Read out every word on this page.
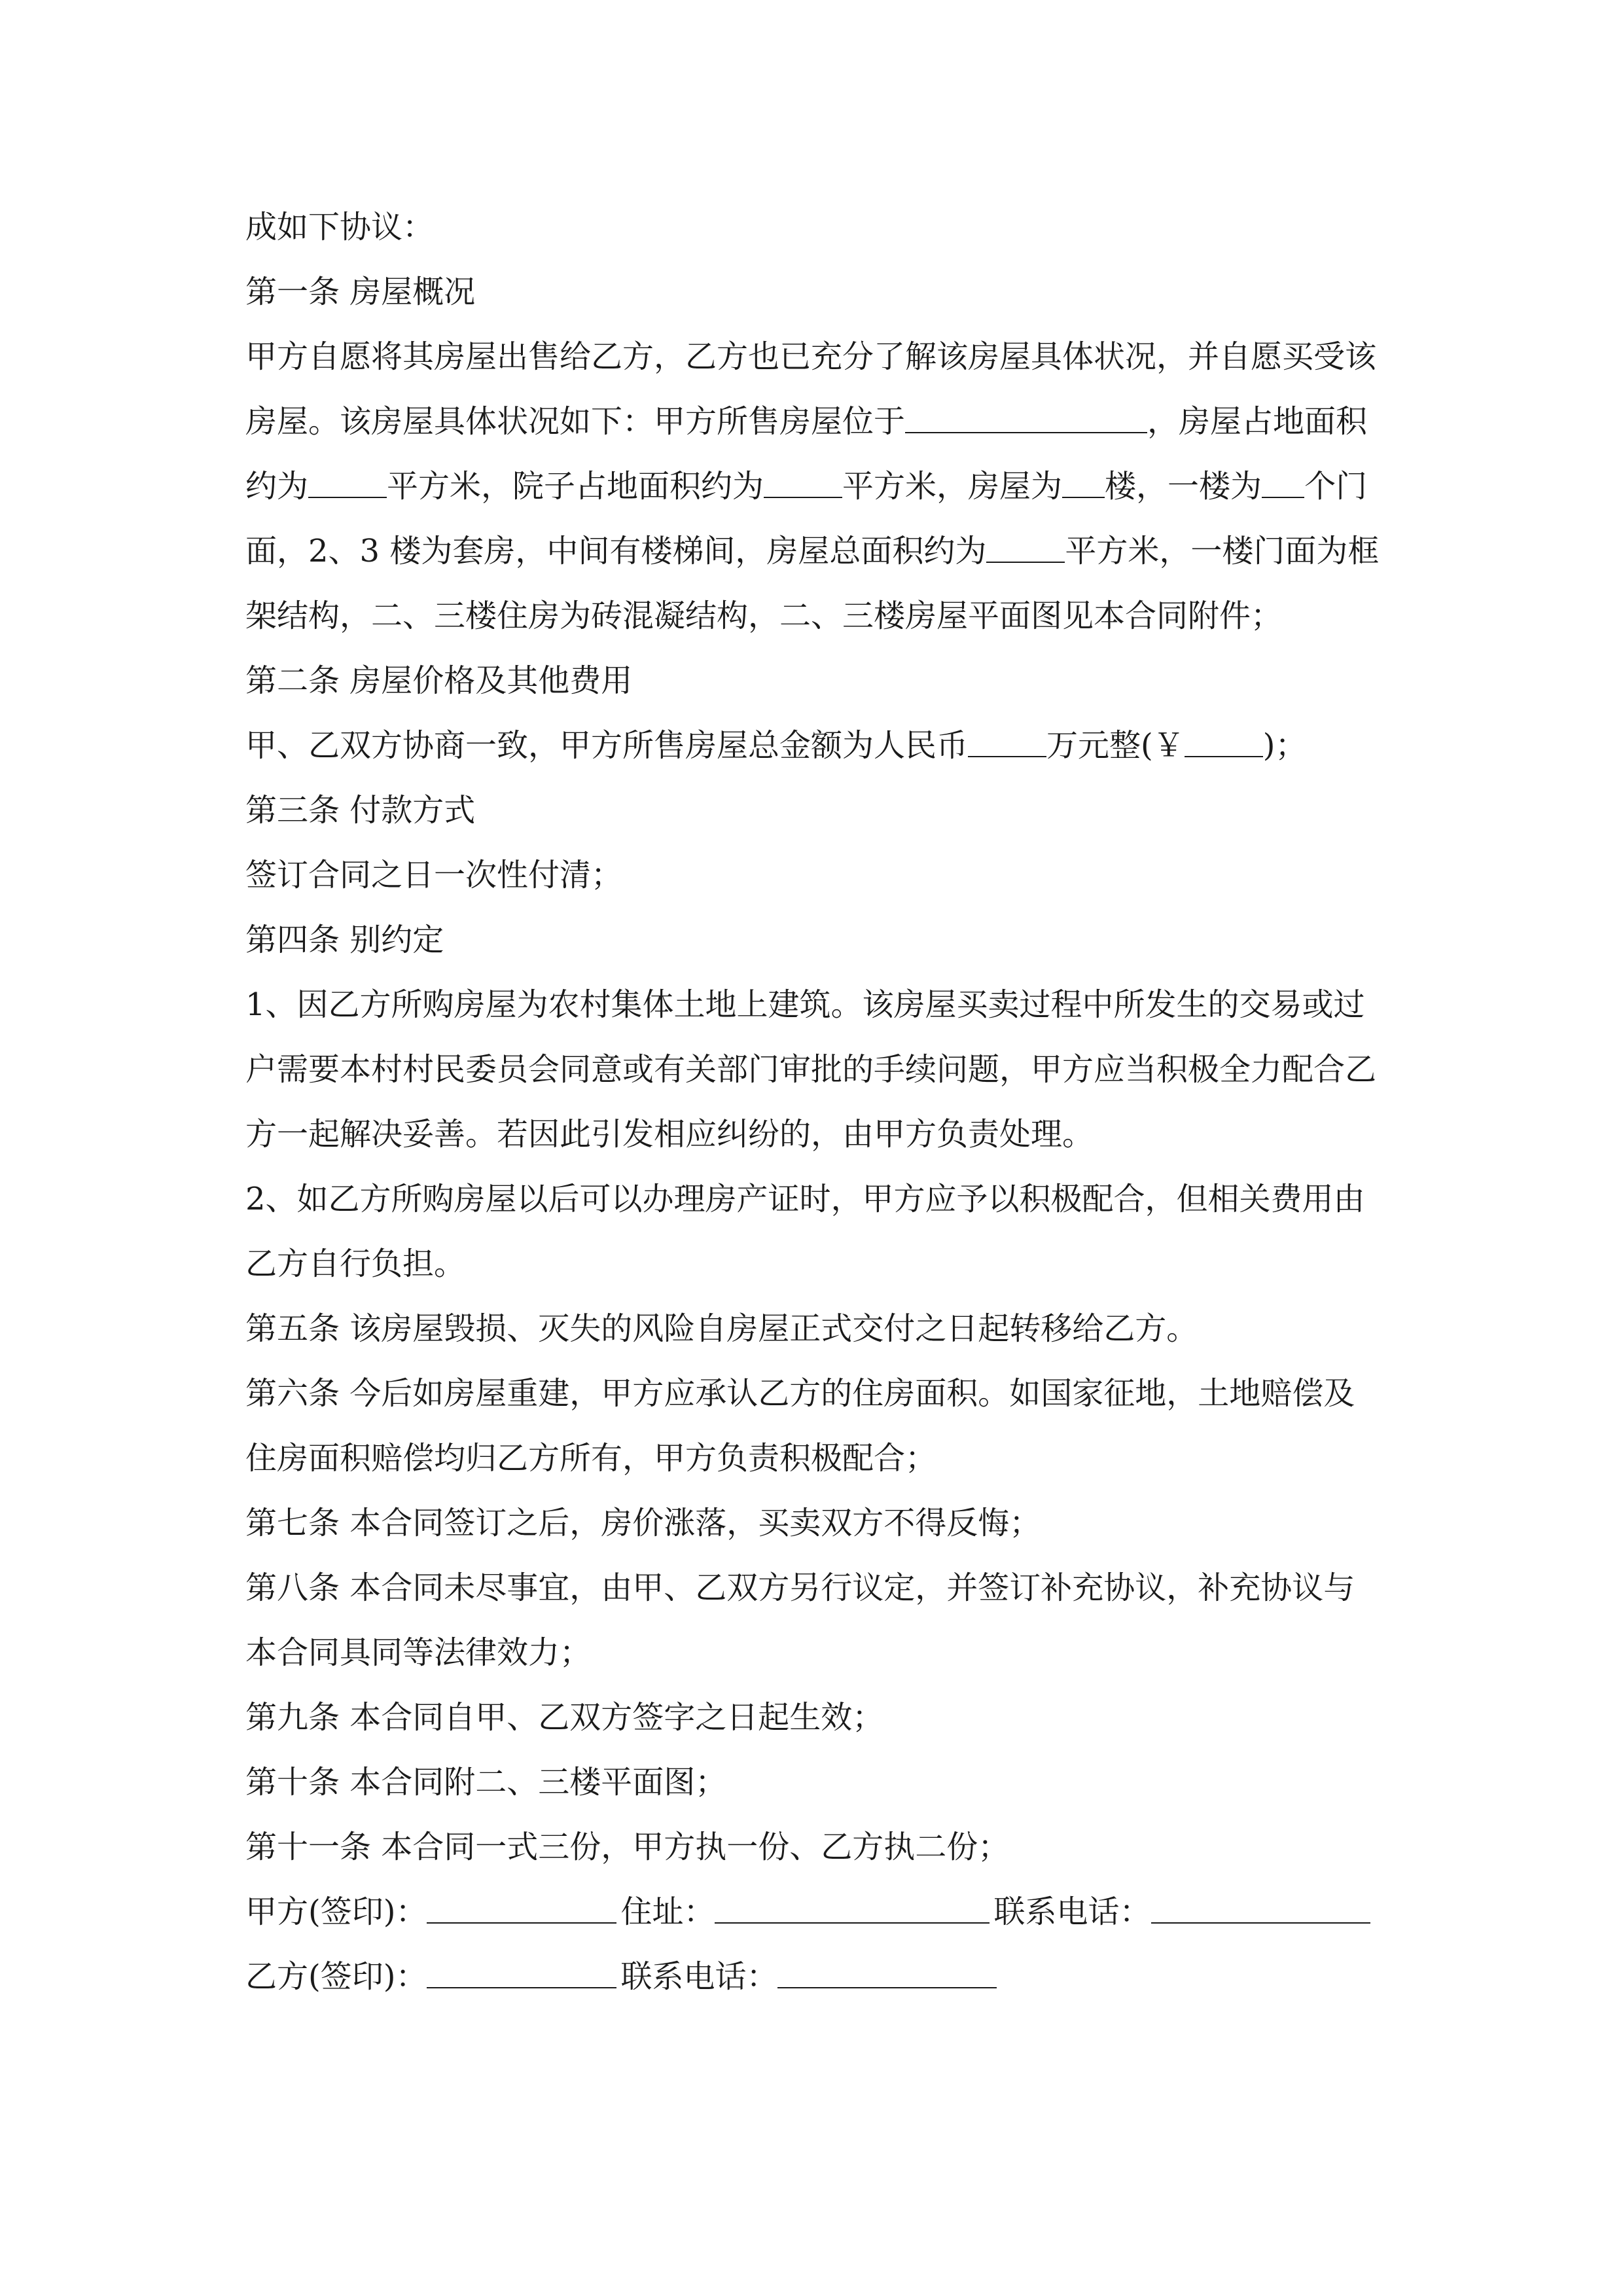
成如下协议：

第一条 房屋概况

甲方自愿将其房屋出售给乙方，乙方也已充分了解该房屋具体状况，并自愿买受该房屋。该房屋具体状况如下：甲方所售房屋位于	，房屋占地面积约为	平方米，院子占地面积约为	平方米，房屋为 楼，一楼为 个门面，2、3 楼为套房，中间有楼梯间，房屋总面积约为	平方米，一楼门面为框架结构，二、三楼住房为砖混凝结构，二、三楼房屋平面图见本合同附件；

第二条 房屋价格及其他费用

甲、乙双方协商一致，甲方所售房屋总金额为人民币	万元整(￥	)；

第三条 付款方式

签订合同之日一次性付清；

第四条 别约定

1、因乙方所购房屋为农村集体土地上建筑。该房屋买卖过程中所发生的交易或过户需要本村村民委员会同意或有关部门审批的手续问题，甲方应当积极全力配合乙方一起解决妥善。若因此引发相应纠纷的，由甲方负责处理。

2、如乙方所购房屋以后可以办理房产证时，甲方应予以积极配合，但相关费用由乙方自行负担。

第五条 该房屋毁损、灭失的风险自房屋正式交付之日起转移给乙方。

第六条 今后如房屋重建，甲方应承认乙方的住房面积。如国家征地，土地赔偿及住房面积赔偿均归乙方所有，甲方负责积极配合；

第七条 本合同签订之后，房价涨落，买卖双方不得反悔；

第八条 本合同未尽事宜，由甲、乙双方另行议定，并签订补充协议，补充协议与本合同具同等法律效力；

第九条 本合同自甲、乙双方签字之日起生效；

第十条 本合同附二、三楼平面图；

第十一条 本合同一式三份，甲方执一份、乙方执二份；

甲方(签印)：	住址：	联系电话：
乙方(签印)：	联系电话：
